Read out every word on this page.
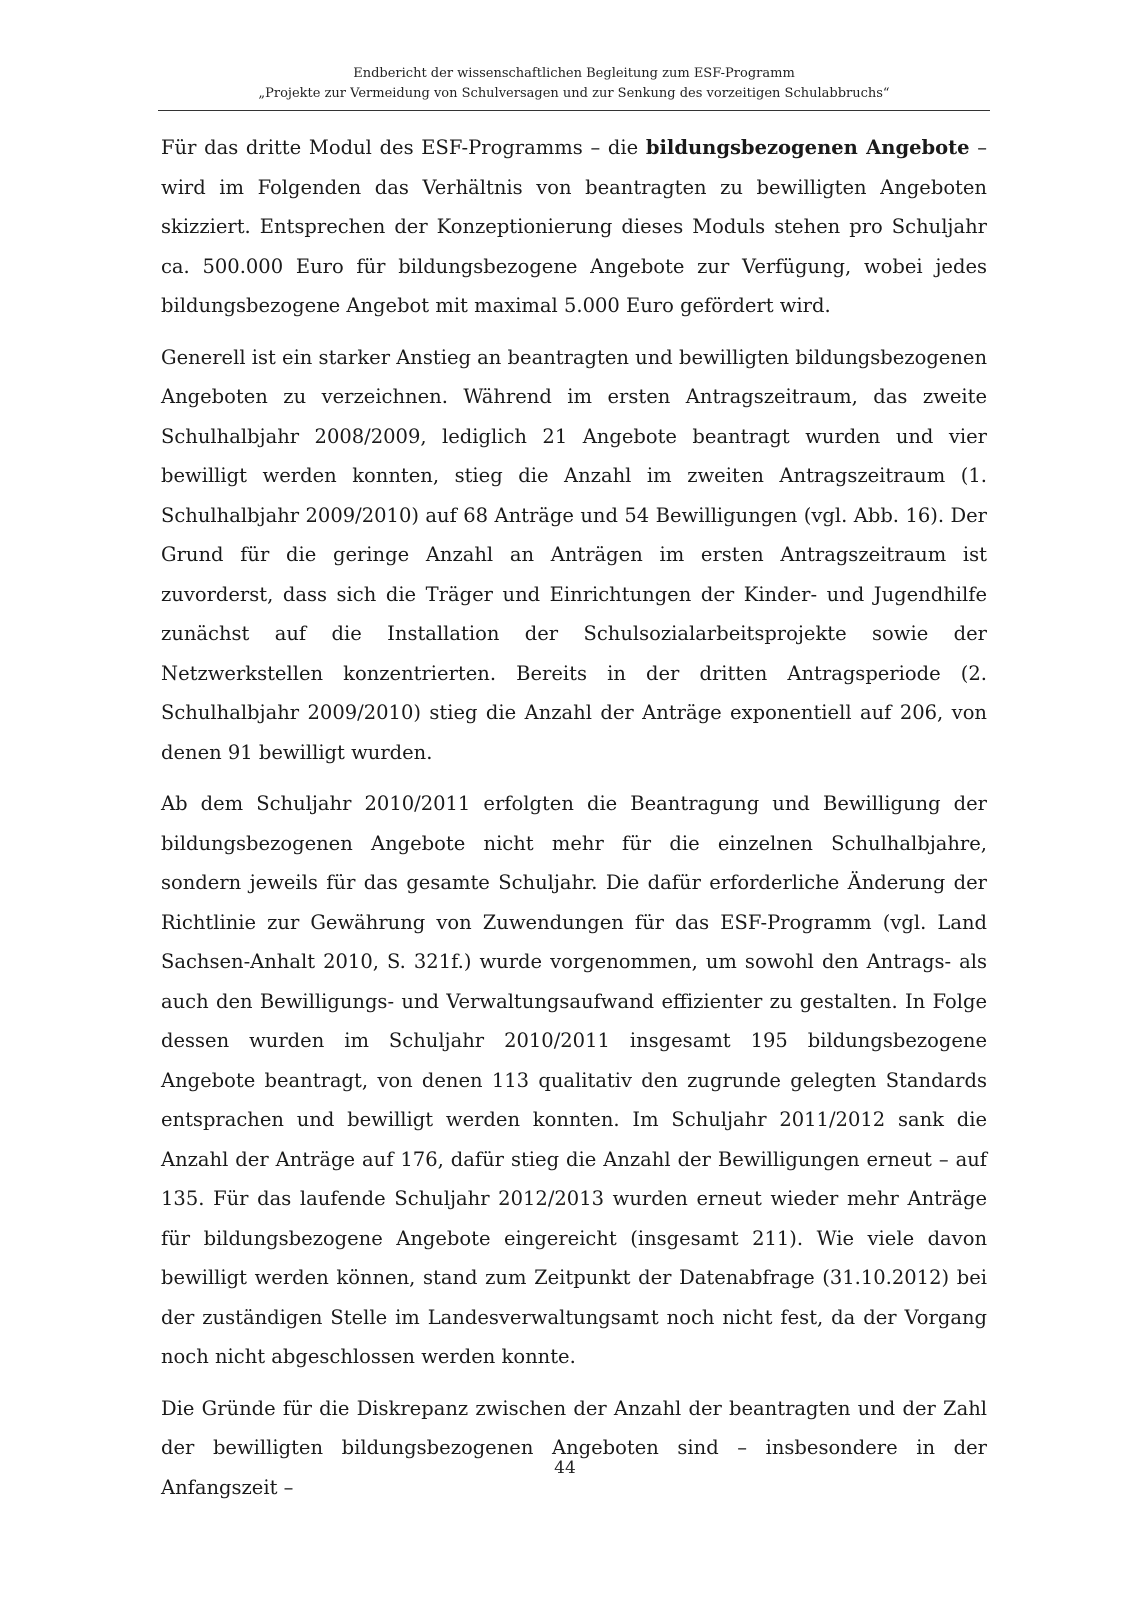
Endbericht der wissenschaftlichen Begleitung zum ESF-Programm
„Projekte zur Vermeidung von Schulversagen und zur Senkung des vorzeitigen Schulabbruchs“

Für das dritte Modul des ESF-Programms – die bildungsbezogenen Angebote – wird im Folgenden das Verhältnis von beantragten zu bewilligten Angeboten skizziert. Entsprechen der Konzeptionierung dieses Moduls stehen pro Schuljahr ca. 500.000 Euro für bildungsbezogene Angebote zur Verfügung, wobei jedes bildungsbezogene Angebot mit maximal 5.000 Euro gefördert wird.

Generell ist ein starker Anstieg an beantragten und bewilligten bildungsbezogenen Angeboten zu verzeichnen. Während im ersten Antragszeitraum, das zweite Schulhalbjahr 2008/2009, lediglich 21 Angebote beantragt wurden und vier bewilligt werden konnten, stieg die Anzahl im zweiten Antragszeitraum (1. Schulhalbjahr 2009/2010) auf 68 Anträge und 54 Bewilligungen (vgl. Abb. 16). Der Grund für die geringe Anzahl an Anträgen im ersten Antragszeitraum ist zuvorderst, dass sich die Träger und Einrichtungen der Kinder- und Jugendhilfe zunächst auf die Installation der Schulsozialarbeitsprojekte sowie der Netzwerkstellen konzentrierten. Bereits in der dritten Antragsperiode (2. Schulhalbjahr 2009/2010) stieg die Anzahl der Anträge exponentiell auf 206, von denen 91 bewilligt wurden.

Ab dem Schuljahr 2010/2011 erfolgten die Beantragung und Bewilligung der bildungsbezogenen Angebote nicht mehr für die einzelnen Schulhalbjahre, sondern jeweils für das gesamte Schuljahr. Die dafür erforderliche Änderung der Richtlinie zur Gewährung von Zuwendungen für das ESF-Programm (vgl. Land Sachsen-Anhalt 2010, S. 321f.) wurde vorgenommen, um sowohl den Antrags- als auch den Bewilligungs- und Verwaltungsaufwand effizienter zu gestalten. In Folge dessen wurden im Schuljahr 2010/2011 insgesamt 195 bildungsbezogene Angebote beantragt, von denen 113 qualitativ den zugrunde gelegten Standards entsprachen und bewilligt werden konnten. Im Schuljahr 2011/2012 sank die Anzahl der Anträge auf 176, dafür stieg die Anzahl der Bewilligungen erneut – auf 135. Für das laufende Schuljahr 2012/2013 wurden erneut wieder mehr Anträge für bildungsbezogene Angebote eingereicht (insgesamt 211). Wie viele davon bewilligt werden können, stand zum Zeitpunkt der Datenabfrage (31.10.2012) bei der zuständigen Stelle im Landesverwaltungsamt noch nicht fest, da der Vorgang noch nicht abgeschlossen werden konnte.

Die Gründe für die Diskrepanz zwischen der Anzahl der beantragten und der Zahl der bewilligten bildungsbezogenen Angeboten sind – insbesondere in der Anfangszeit –

44
